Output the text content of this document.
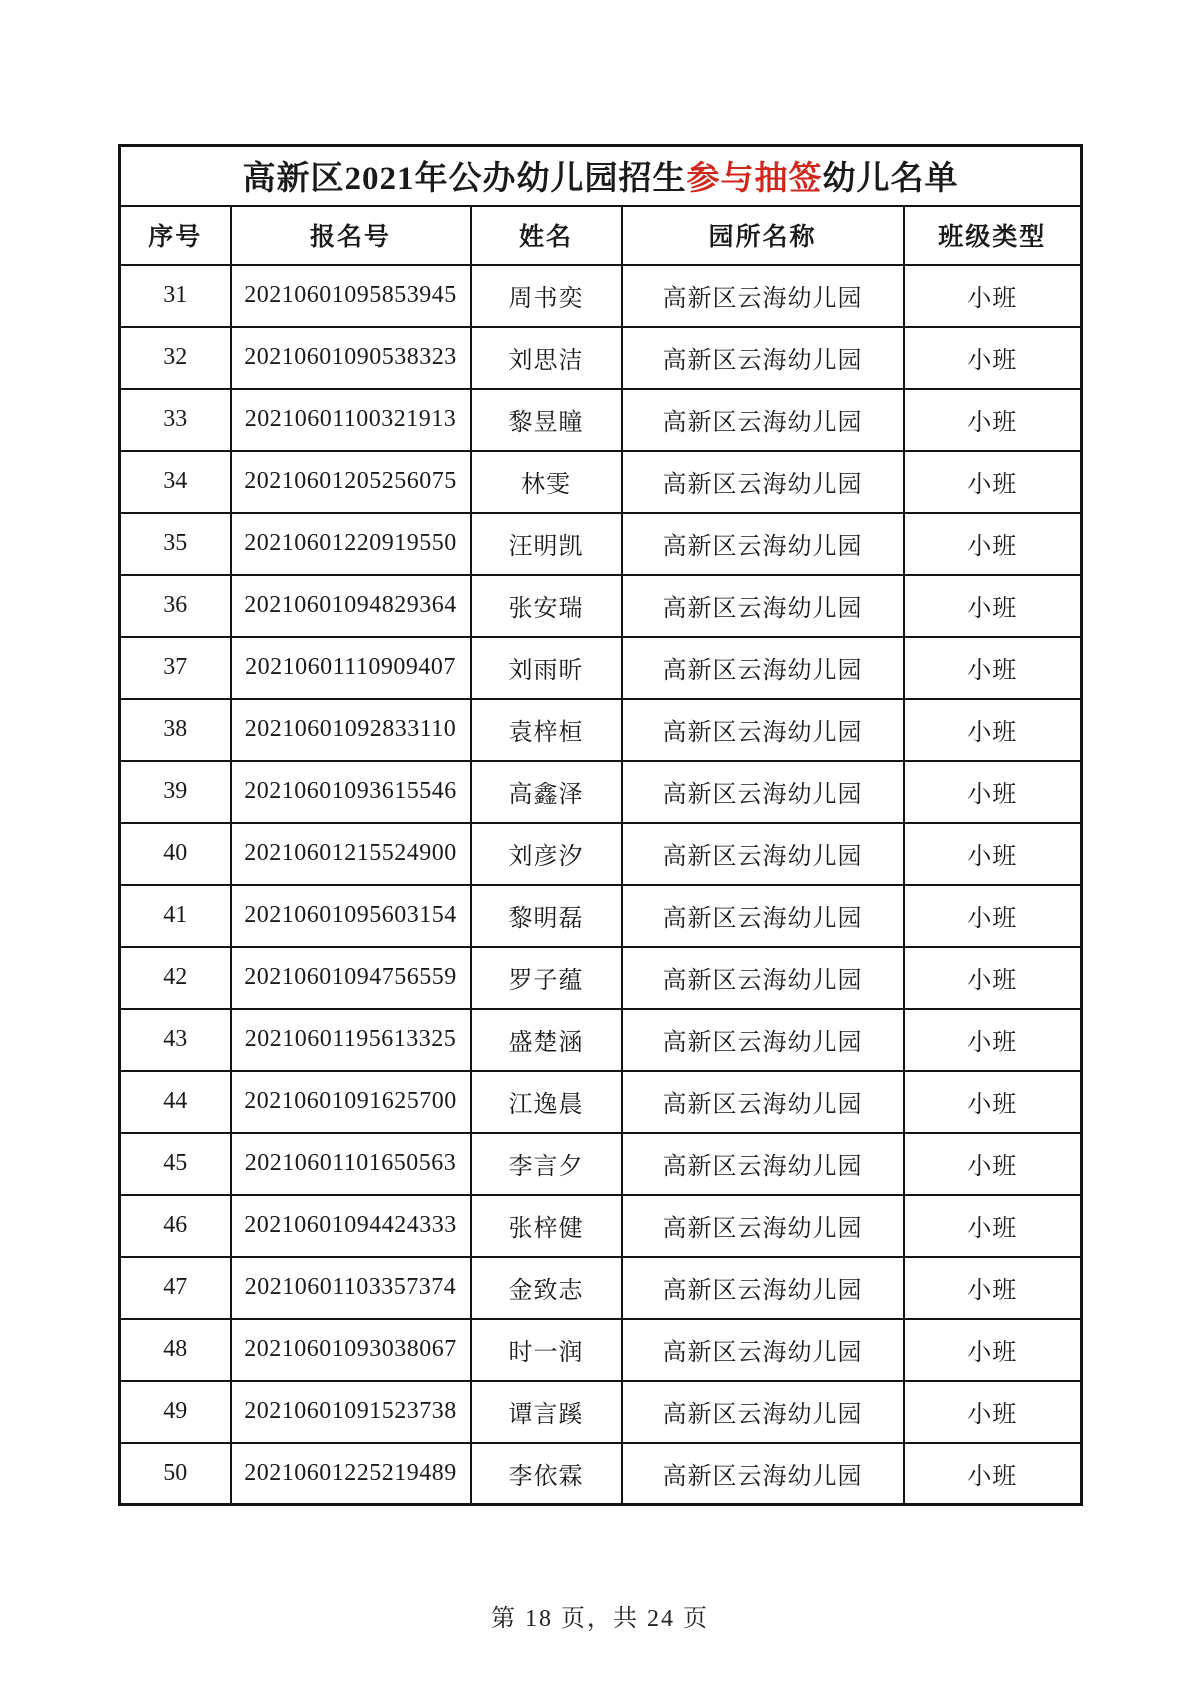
高新区2021年公办幼儿园招生参与抽签幼儿名单				
序号	报名号	姓名	园所名称	班级类型
31	20210601095853945	周书奕	高新区云海幼儿园	小班
32	20210601090538323	刘思洁	高新区云海幼儿园	小班
33	20210601100321913	黎昱瞳	高新区云海幼儿园	小班
34	20210601205256075	林雯	高新区云海幼儿园	小班
35	20210601220919550	汪明凯	高新区云海幼儿园	小班
36	20210601094829364	张安瑞	高新区云海幼儿园	小班
37	20210601110909407	刘雨昕	高新区云海幼儿园	小班
38	20210601092833110	袁梓桓	高新区云海幼儿园	小班
39	20210601093615546	高鑫泽	高新区云海幼儿园	小班
40	20210601215524900	刘彦汐	高新区云海幼儿园	小班
41	20210601095603154	黎明磊	高新区云海幼儿园	小班
42	20210601094756559	罗子蕴	高新区云海幼儿园	小班
43	20210601195613325	盛楚涵	高新区云海幼儿园	小班
44	20210601091625700	江逸晨	高新区云海幼儿园	小班
45	20210601101650563	李言夕	高新区云海幼儿园	小班
46	20210601094424333	张梓健	高新区云海幼儿园	小班
47	20210601103357374	金致志	高新区云海幼儿园	小班
48	20210601093038067	时一润	高新区云海幼儿园	小班
49	20210601091523738	谭言蹊	高新区云海幼儿园	小班
50	20210601225219489	李依霖	高新区云海幼儿园	小班
第 18 页，共 24 页
